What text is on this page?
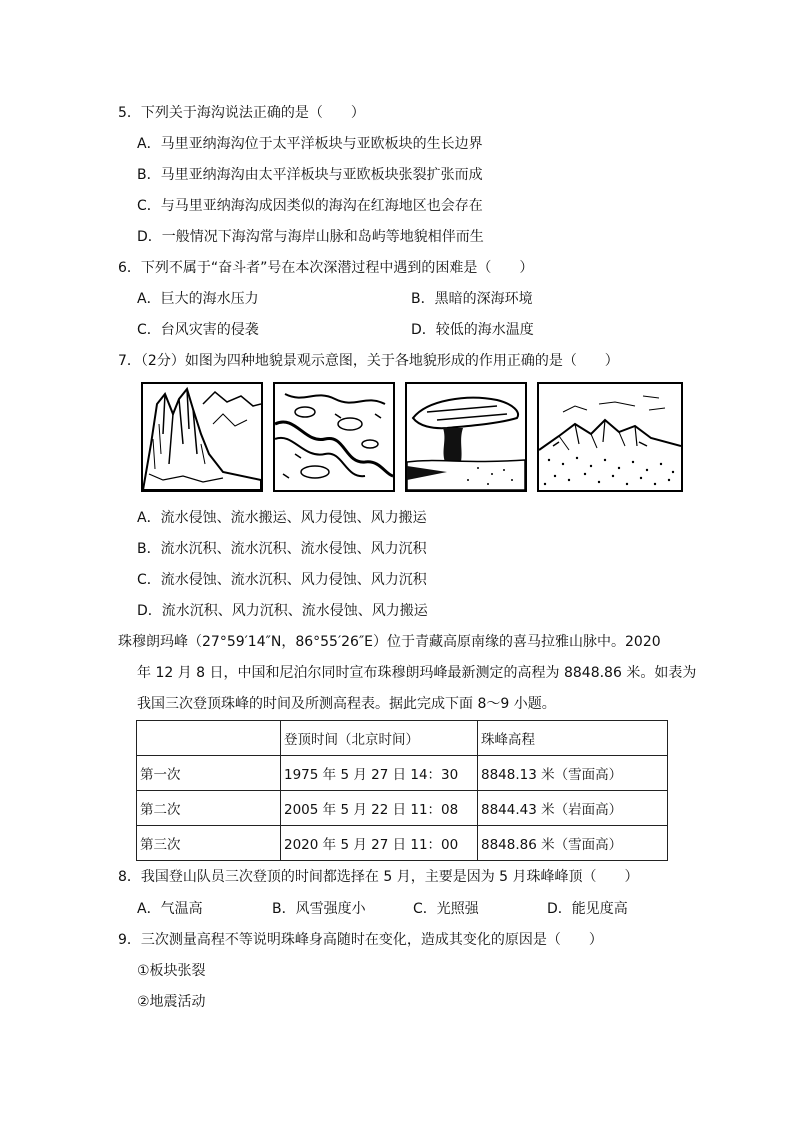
5．下列关于海沟说法正确的是（　　）
A．马里亚纳海沟位于太平洋板块与亚欧板块的生长边界
B．马里亚纳海沟由太平洋板块与亚欧板块张裂扩张而成
C．与马里亚纳海沟成因类似的海沟在红海地区也会存在
D．一般情况下海沟常与海岸山脉和岛屿等地貌相伴而生
6．下列不属于“奋斗者”号在本次深潜过程中遇到的困难是（　　）
A．巨大的海水压力	B．黑暗的深海环境
C．台风灾害的侵袭	D．较低的海水温度
7．（2分）如图为四种地貌景观示意图，关于各地貌形成的作用正确的是（　　）
A．流水侵蚀、流水搬运、风力侵蚀、风力搬运
B．流水沉积、流水沉积、流水侵蚀、风力沉积
C．流水侵蚀、流水沉积、风力侵蚀、风力沉积
D．流水沉积、风力沉积、流水侵蚀、风力搬运
珠穆朗玛峰（27°59′14″N，86°55′26″E）位于青藏高原南缘的喜马拉雅山脉中。2020
年 12 月 8 日，中国和尼泊尔同时宣布珠穆朗玛峰最新测定的高程为 8848.86 米。如表为
我国三次登顶珠峰的时间及所测高程表。据此完成下面 8～9 小题。
	登顶时间（北京时间）	珠峰高程
第一次	1975 年 5 月 27 日 14：30	8848.13 米（雪面高）
第二次	2005 年 5 月 22 日 11：08	8844.43 米（岩面高）
第三次	2020 年 5 月 27 日 11：00	8848.86 米（雪面高）
8．我国登山队员三次登顶的时间都选择在 5 月，主要是因为 5 月珠峰峰顶（　　）
A．气温高	B．风雪强度小	C．光照强	D．能见度高
9．三次测量高程不等说明珠峰身高随时在变化，造成其变化的原因是（　　）
①板块张裂
②地震活动
